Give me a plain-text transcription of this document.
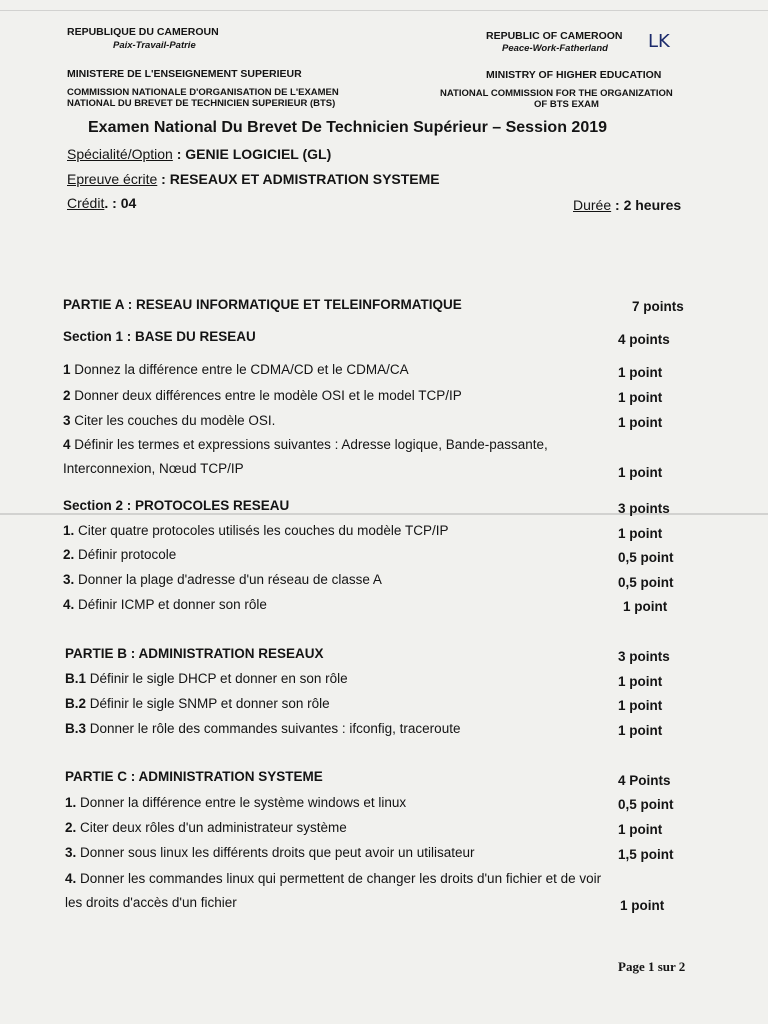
REPUBLIQUE DU CAMEROUN
Paix-Travail-Patrie
MINISTERE DE L'ENSEIGNEMENT SUPERIEUR
COMMISSION NATIONALE D'ORGANISATION DE L'EXAMEN
NATIONAL DU BREVET DE TECHNICIEN SUPERIEUR (BTS)
REPUBLIC OF CAMEROON
Peace-Work-Fatherland LK
MINISTRY OF HIGHER EDUCATION
NATIONAL COMMISSION FOR THE ORGANIZATION
OF BTS EXAM
Examen National Du Brevet De Technicien Supérieur – Session 2019
Spécialité/Option : GENIE LOGICIEL (GL)
Epreuve écrite : RESEAUX ET ADMISTRATION SYSTEME
Crédit. : 04	Durée : 2 heures
PARTIE A : RESEAU INFORMATIQUE ET TELEINFORMATIQUE	7 points
Section 1 : BASE DU RESEAU	4 points
1 Donnez la différence entre le CDMA/CD et le CDMA/CA	1 point
2 Donner deux différences entre le modèle OSI et le model TCP/IP	1 point
3 Citer les couches du modèle OSI.	1 point
4 Définir les termes et expressions suivantes : Adresse logique, Bande-passante,
Interconnexion, Nœud TCP/IP	1 point
Section 2 : PROTOCOLES RESEAU	3 points
1. Citer quatre protocoles utilisés les couches du modèle TCP/IP	1 point
2. Définir protocole	0,5 point
3. Donner la plage d'adresse d'un réseau de classe A	0,5 point
4. Définir ICMP et donner son rôle	1 point
PARTIE B : ADMINISTRATION RESEAUX	3 points
B.1 Définir le sigle DHCP et donner en son rôle	1 point
B.2 Définir le sigle SNMP et donner son rôle	1 point
B.3 Donner le rôle des commandes suivantes : ifconfig, traceroute	1 point
PARTIE C : ADMINISTRATION SYSTEME	4 Points
1. Donner la différence entre le système windows et linux	0,5 point
2. Citer deux rôles d'un administrateur système	1 point
3. Donner sous linux les différents droits que peut avoir un utilisateur	1,5 point
4. Donner les commandes linux qui permettent de changer les droits d'un fichier et de voir
les droits d'accès d'un fichier	1 point
Page 1 sur 2
